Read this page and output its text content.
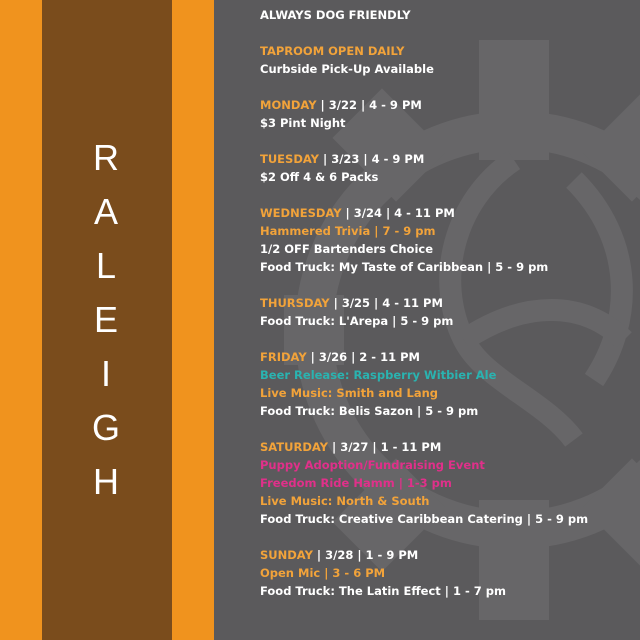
R
A
L
E
I
G
H
ALWAYS DOG FRIENDLY
TAPROOM OPEN DAILY
Curbside Pick-Up Available
MONDAY | 3/22 | 4 - 9 PM
$3 Pint Night
TUESDAY | 3/23 | 4 - 9 PM
$2 Off 4 & 6 Packs
WEDNESDAY | 3/24 | 4 - 11 PM
Hammered Trivia | 7 - 9 pm
1/2 OFF Bartenders Choice
Food Truck: My Taste of Caribbean | 5 - 9 pm
THURSDAY | 3/25 | 4 - 11 PM
Food Truck: L'Arepa | 5 - 9 pm
FRIDAY | 3/26 | 2 - 11 PM
Beer Release: Raspberry Witbier Ale
Live Music: Smith and Lang
Food Truck: Belis Sazon | 5 - 9 pm
SATURDAY | 3/27 | 1 - 11 PM
Puppy Adoption/Fundraising Event
Freedom Ride Hamm | 1-3 pm
Live Music: North & South
Food Truck: Creative Caribbean Catering | 5 - 9 pm
SUNDAY | 3/28 | 1 - 9 PM
Open Mic | 3 - 6 PM
Food Truck: The Latin Effect | 1 - 7 pm
